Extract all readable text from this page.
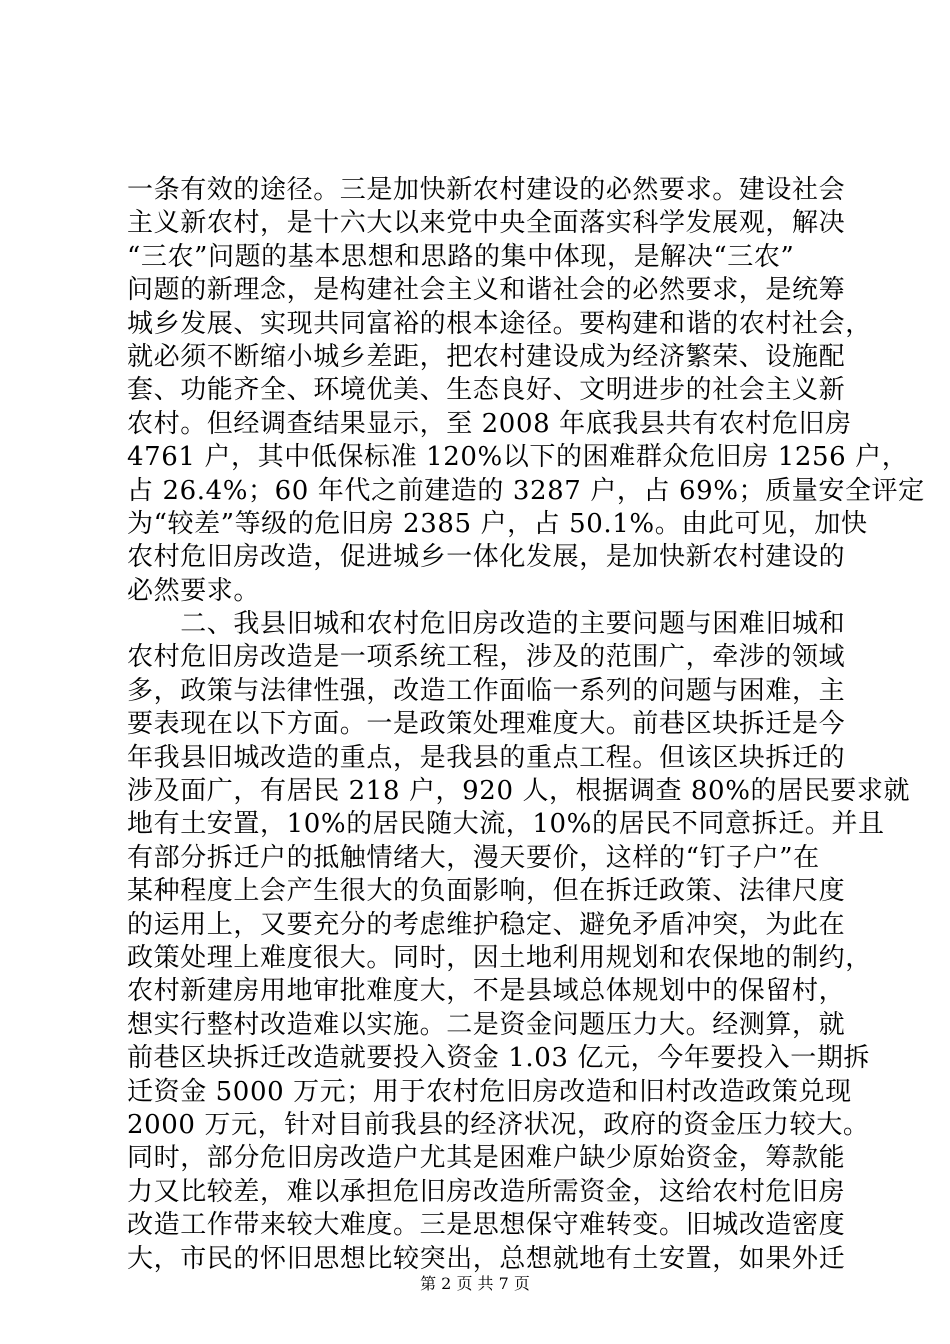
一条有效的途径。三是加快新农村建设的必然要求。建设社会
主义新农村，是十六大以来党中央全面落实科学发展观，解决
“三农”问题的基本思想和思路的集中体现，是解决“三农”
问题的新理念，是构建社会主义和谐社会的必然要求，是统筹
城乡发展、实现共同富裕的根本途径。要构建和谐的农村社会，
就必须不断缩小城乡差距，把农村建设成为经济繁荣、设施配
套、功能齐全、环境优美、生态良好、文明进步的社会主义新
农村。但经调查结果显示，至 2008 年底我县共有农村危旧房
4761 户，其中低保标准 120%以下的困难群众危旧房 1256 户，
占 26.4%；60 年代之前建造的 3287 户，占 69%；质量安全评定
为“较差”等级的危旧房 2385 户，占 50.1%。由此可见，加快
农村危旧房改造，促进城乡一体化发展，是加快新农村建设的
必然要求。
　　二、我县旧城和农村危旧房改造的主要问题与困难旧城和
农村危旧房改造是一项系统工程，涉及的范围广，牵涉的领域
多，政策与法律性强，改造工作面临一系列的问题与困难，主
要表现在以下方面。一是政策处理难度大。前巷区块拆迁是今
年我县旧城改造的重点，是我县的重点工程。但该区块拆迁的
涉及面广，有居民 218 户，920 人，根据调查 80%的居民要求就
地有土安置，10%的居民随大流，10%的居民不同意拆迁。并且
有部分拆迁户的抵触情绪大，漫天要价，这样的“钉子户”在
某种程度上会产生很大的负面影响，但在拆迁政策、法律尺度
的运用上，又要充分的考虑维护稳定、避免矛盾冲突，为此在
政策处理上难度很大。同时，因土地利用规划和农保地的制约，
农村新建房用地审批难度大，不是县域总体规划中的保留村，
想实行整村改造难以实施。二是资金问题压力大。经测算，就
前巷区块拆迁改造就要投入资金 1.03 亿元，今年要投入一期拆
迁资金 5000 万元；用于农村危旧房改造和旧村改造政策兑现
2000 万元，针对目前我县的经济状况，政府的资金压力较大。
同时，部分危旧房改造户尤其是困难户缺少原始资金，筹款能
力又比较差，难以承担危旧房改造所需资金，这给农村危旧房
改造工作带来较大难度。三是思想保守难转变。旧城改造密度
大，市民的怀旧思想比较突出，总想就地有土安置，如果外迁
第 2 页 共 7 页
